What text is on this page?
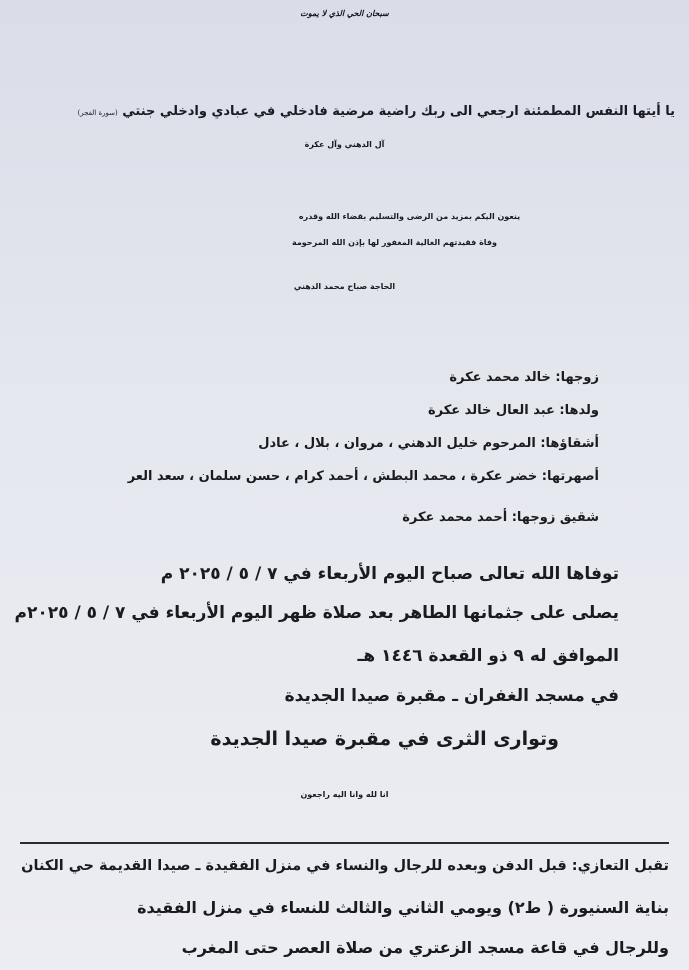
سبحان الحي الذي لا يموت
يا أيتها النفس المطمئنة ارجعي الى ربك راضية مرضية فادخلي في عبادي وادخلي جنتي (سورة الفجر)
آل الدهني وآل عكرة
ينعون اليكم بمزيد من الرضى والتسليم بقضاء الله وقدره
وفاة فقيدتهم الغالية المغفور لها بإذن الله المرحومة
الحاجة صباح محمد الدهني
زوجها: خالد محمد عكرة
ولدها: عبد العال خالد عكرة
أشقاؤها: المرحوم خليل الدهني ، مروان ، بلال ، عادل
أصهرتها: خضر عكرة ، محمد البطش ، أحمد كرام ، حسن سلمان ، سعد العر
شقيق زوجها: أحمد محمد عكرة
توفاها الله تعالى صباح اليوم الأربعاء في ٧ / ٥ / ٢٠٢٥ م
يصلى على جثمانها الطاهر بعد صلاة ظهر اليوم الأربعاء في ٧ / ٥ / ٢٠٢٥م
الموافق له ٩ ذو القعدة ١٤٤٦ هـ
في مسجد الغفران ـ مقبرة صيدا الجديدة
وتوارى الثرى في مقبرة صيدا الجديدة
انا لله وانا اليه راجعون
تقبل التعازي: قبل الدفن وبعده للرجال والنساء في منزل الفقيدة ـ صيدا القديمة حي الكنان
بناية السنيورة ( ط٢) ويومي الثاني والثالث للنساء في منزل الفقيدة
وللرجال في قاعة مسجد الزعتري من صلاة العصر حتى المغرب
